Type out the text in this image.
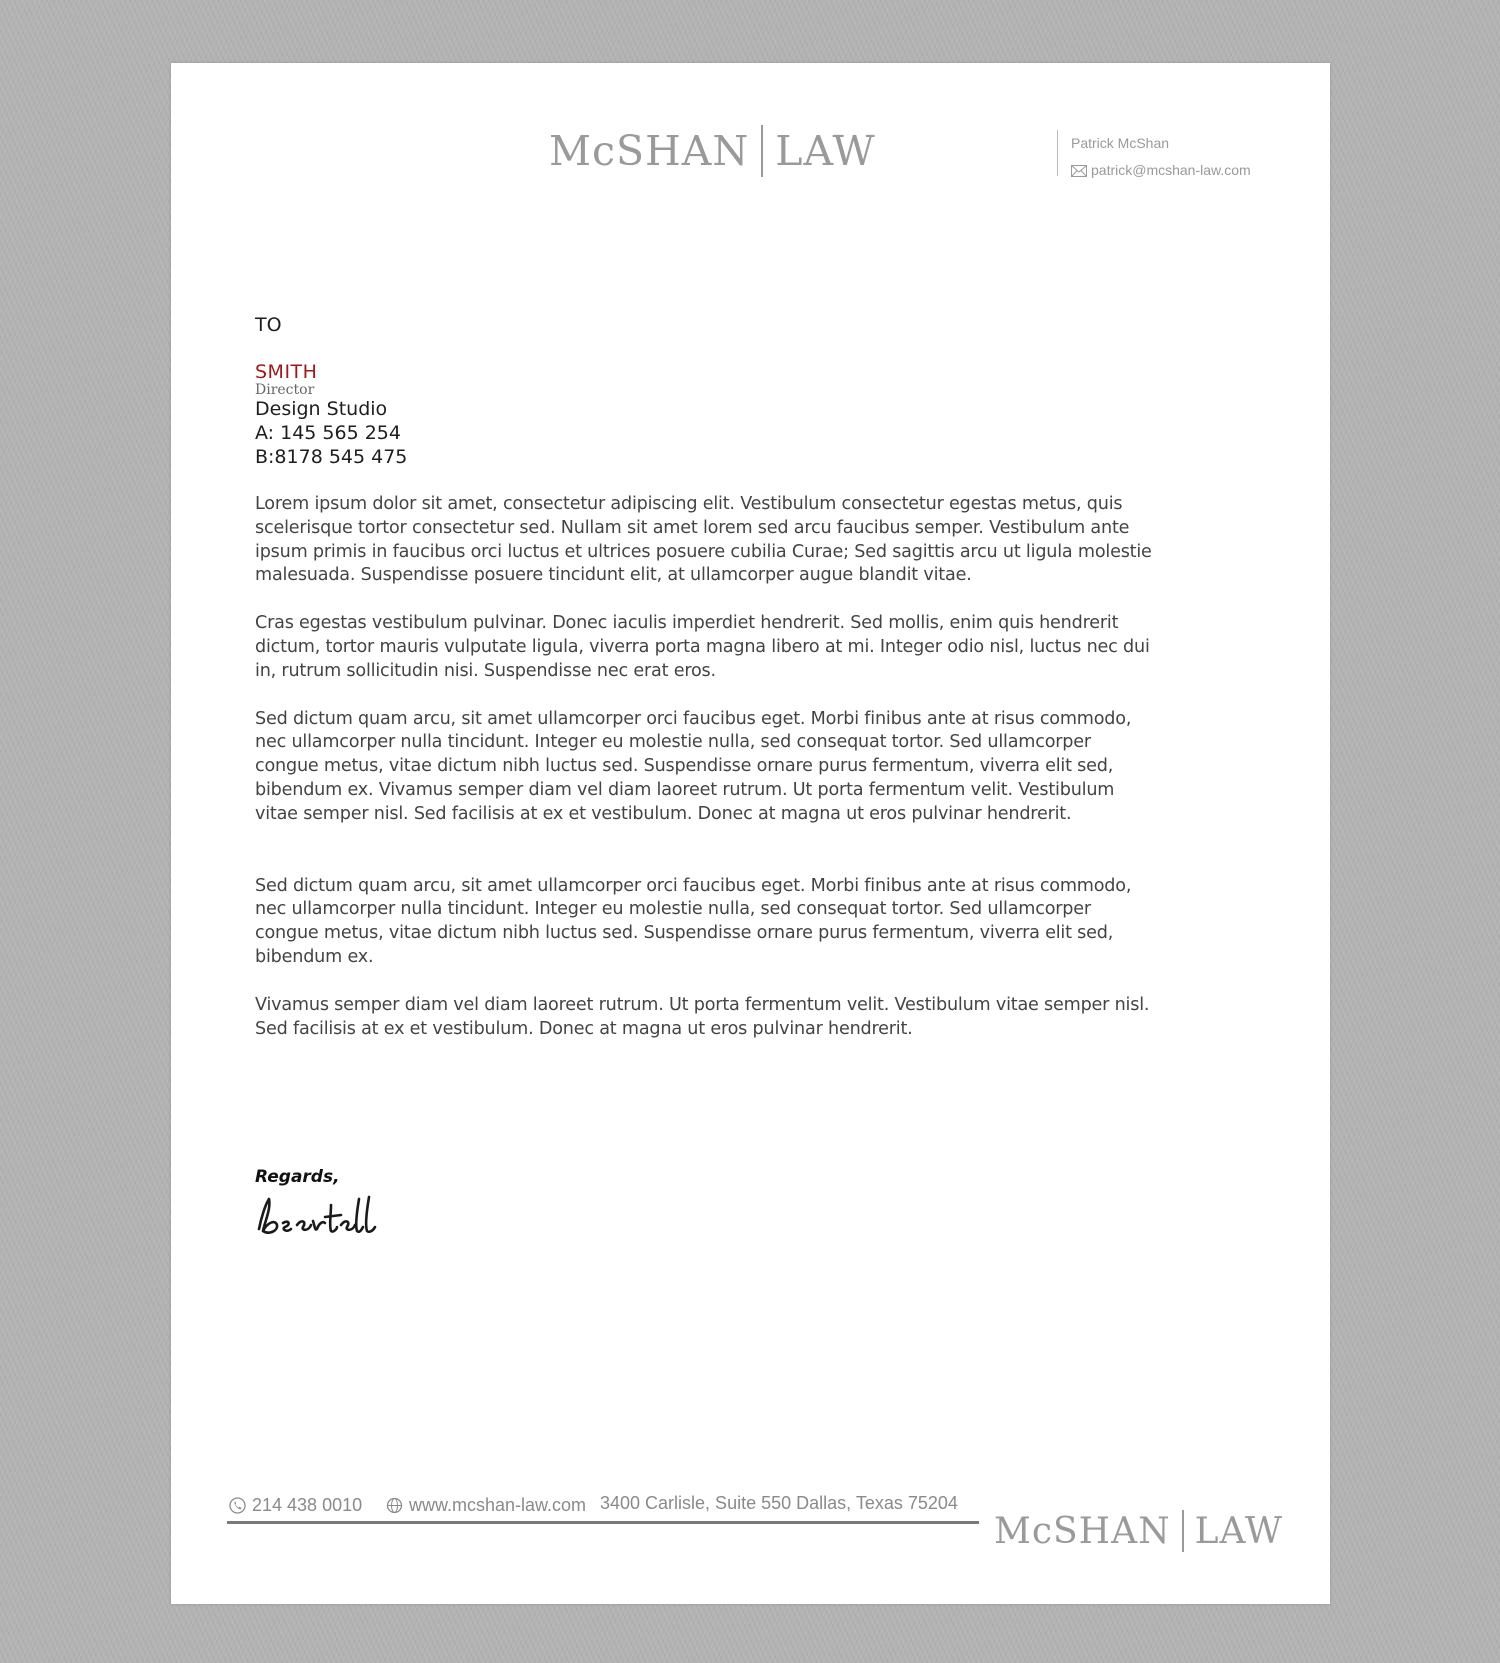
McSHAN LAW	Patrick McShan
patrick@mcshan-law.com
TO
SMITH
Director
Design Studio
A: 145 565 254
B:8178 545 475

Lorem ipsum dolor sit amet, consectetur adipiscing elit. Vestibulum consectetur egestas metus, quis scelerisque tortor consectetur sed. Nullam sit amet lorem sed arcu faucibus semper. Vestibulum ante ipsum primis in faucibus orci luctus et ultrices posuere cubilia Curae; Sed sagittis arcu ut ligula molestie malesuada. Suspendisse posuere tincidunt elit, at ullamcorper augue blandit vitae.

Cras egestas vestibulum pulvinar. Donec iaculis imperdiet hendrerit. Sed mollis, enim quis hendrerit dictum, tortor mauris vulputate ligula, viverra porta magna libero at mi. Integer odio nisl, luctus nec dui in, rutrum sollicitudin nisi. Suspendisse nec erat eros.

Sed dictum quam arcu, sit amet ullamcorper orci faucibus eget. Morbi finibus ante at risus commodo, nec ullamcorper nulla tincidunt. Integer eu molestie nulla, sed consequat tortor. Sed ullamcorper congue metus, vitae dictum nibh luctus sed. Suspendisse ornare purus fermentum, viverra elit sed, bibendum ex. Vivamus semper diam vel diam laoreet rutrum. Ut porta fermentum velit. Vestibulum vitae semper nisl. Sed facilisis at ex et vestibulum. Donec at magna ut eros pulvinar hendrerit.

Sed dictum quam arcu, sit amet ullamcorper orci faucibus eget. Morbi finibus ante at risus commodo, nec ullamcorper nulla tincidunt. Integer eu molestie nulla, sed consequat tortor. Sed ullamcorper congue metus, vitae dictum nibh luctus sed. Suspendisse ornare purus fermentum, viverra elit sed, bibendum ex.

Vivamus semper diam vel diam laoreet rutrum. Ut porta fermentum velit. Vestibulum vitae semper nisl. Sed facilisis at ex et vestibulum. Donec at magna ut eros pulvinar hendrerit.

Regards,
214 438 0010	www.mcshan-law.com 3400 Carlisle, Suite 550 Dallas, Texas 75204
McSHAN LAW
